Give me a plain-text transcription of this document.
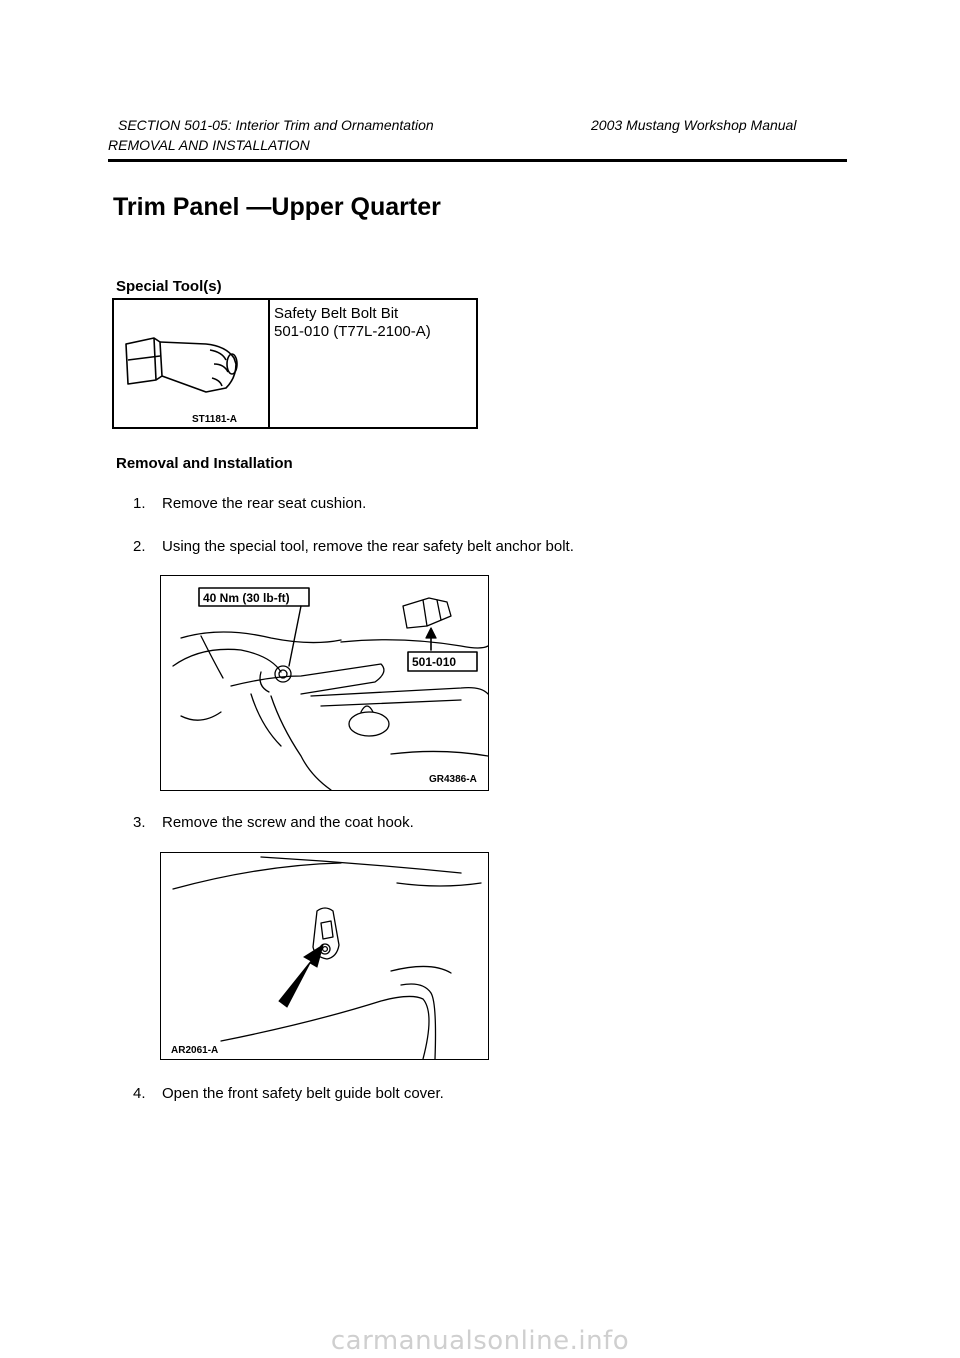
SECTION 501-05: Interior Trim and Ornamentation	2003 Mustang Workshop Manual
REMOVAL AND INSTALLATION
Trim Panel —Upper Quarter
Special Tool(s)
ST1181-A
Safety Belt Bolt Bit
501-010 (T77L-2100-A)
Removal and Installation
1. Remove the rear seat cushion.
2. Using the special tool, remove the rear safety belt anchor bolt.
40 Nm (30 lb-ft)
501-010
GR4386-A
3. Remove the screw and the coat hook.
AR2061-A
4. Open the front safety belt guide bolt cover.
carmanualsonline.info
